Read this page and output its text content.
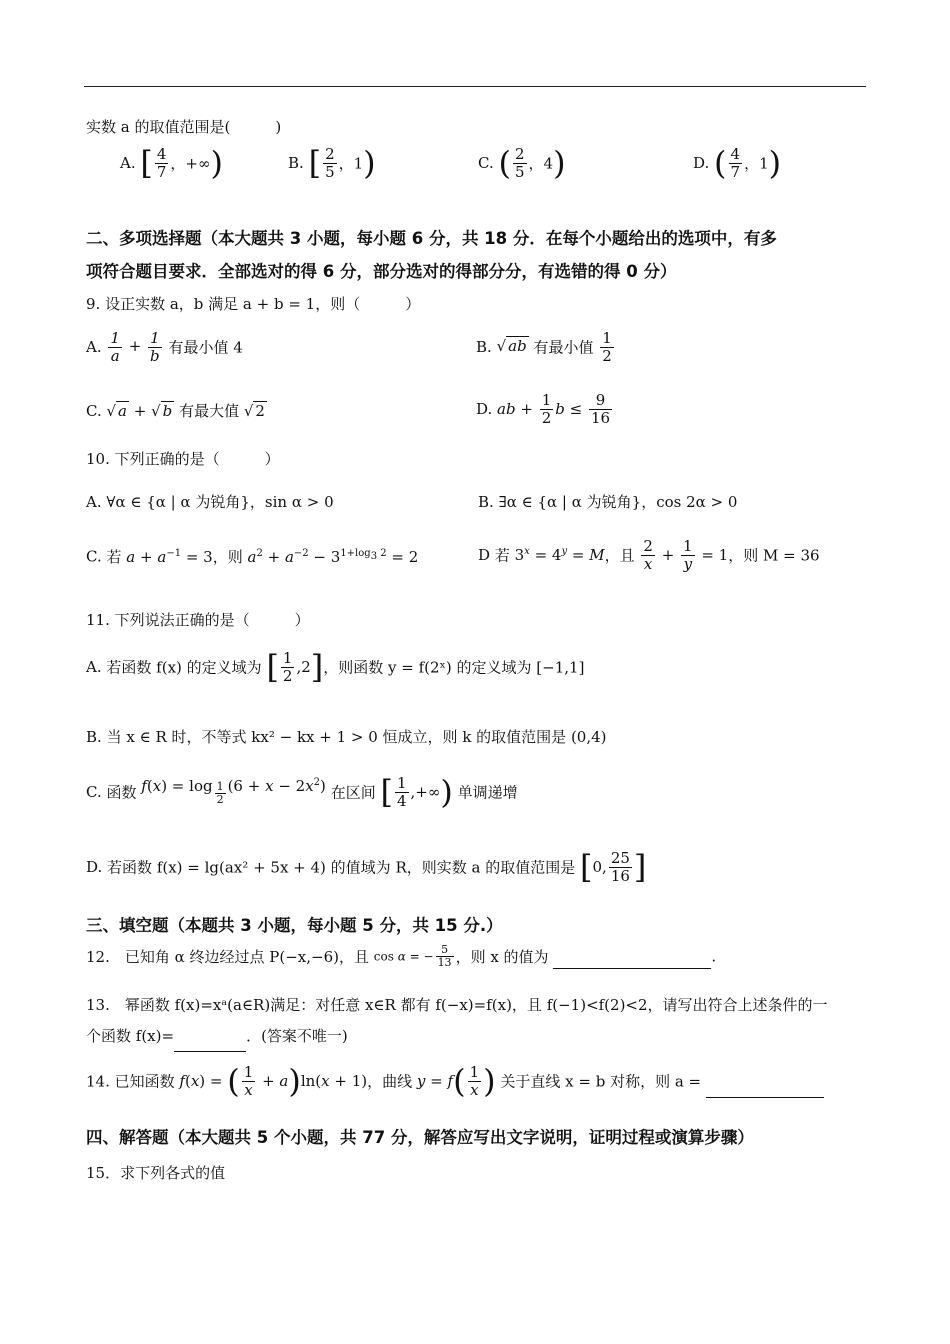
实数 a 的取值范围是(　　　)
A. [ $\frac{4}{7}$ ，+∞)	B. [ $\frac{2}{5}$ ，1)	C. ( $\frac{2}{5}$ ，4)	D. ( $\frac{4}{7}$ ，1)
二、多项选择题（本大题共 3 小题，每小题 6 分，共 18 分．在每个小题给出的选项中，有多
项符合题目要求．全部选对的得 6 分，部分选对的得部分分，有选错的得 0 分）
9. 设正实数 a，b 满足 a + b = 1，则（　　　）
A. $\frac{1}{a} + \frac{1}{b}$ 有最小值 4	B. √ ab 有最小值 $\frac{1}{2}$
C. √ a + √ b 有最大值 √ 2	D. ab + $\frac{1}{2}$ $b \le \frac{9}{16}$
10. 下列正确的是（　　　）
A. ∀α ∈ {α | α 为锐角}，sin α > 0	B. ∃α ∈ {α | α 为锐角}，cos 2α > 0
C. 若 $a + a^{-1} = 3$，则 $a^2 + a^{-2} - 3^{1+log_3 2} = 2$	D 若 $3^x = 4^y = M$，且 $\frac{2}{x} + \frac{1}{y} = 1$，则 M = 36
11. 下列说法正确的是（　　　）
A. 若函数 f(x) 的定义域为 [ $\frac{1}{2} ,2$]，则函数 y = f(2ˣ) 的定义域为 [−1,1]
B. 当 x ∈ R 时，不等式 kx² − kx + 1 > 0 恒成立，则 k 的取值范围是 (0,4)
C. 函数 f(x) = log $_{\frac{1}{2}}$ $(6 + x - 2x^2)$ 在区间 [ $\frac{1}{4}$ ,+∞) 单调递增
D. 若函数 f(x) = lg(ax² + 5x + 4) 的值域为 R，则实数 a 的取值范围是 [0, $\frac{25}{16}$ ]
三、填空题（本题共 3 小题，每小题 5 分，共 15 分.）
12.　已知角 α 终边经过点 P(−x,−6)，且 cos α = − $\frac{5}{13}$ ，则 x 的值为	.
13.　幂函数 f(x)=xᵃ(a∈R)满足：对任意 x∈R 都有 f(−x)=f(x)，且 f(−1)<f(2)<2，请写出符合上述条件的一
个函数 f(x)=	．(答案不唯一)
14. 已知函数 f(x) = ( $\frac{1}{x} + a)\ln(x + 1)$，曲线 $y = f( \frac{1}{x}$ ) 关于直线 x = b 对称，则 a =
四、解答题（本大题共 5 个小题，共 77 分，解答应写出文字说明，证明过程或演算步骤）
15．求下列各式的值
